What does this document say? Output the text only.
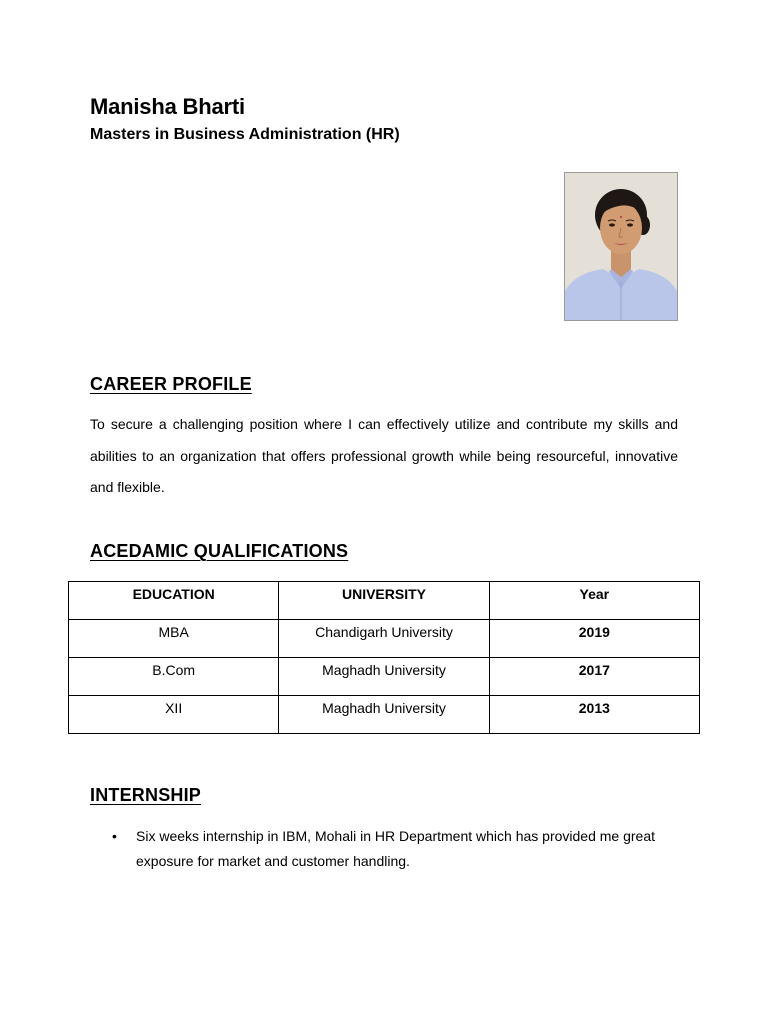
Manisha Bharti
Masters in Business Administration (HR)
CAREER PROFILE

To secure a challenging position where I can effectively utilize and contribute my skills and abilities to an organization that offers professional growth while being resourceful, innovative and flexible.

ACEDAMIC QUALIFICATIONS
EDUCATION	UNIVERSITY	Year
MBA	Chandigarh University	2019
B.Com	Maghadh University	2017
XII	Maghadh University	2013
INTERNSHIP
• Six weeks internship in IBM, Mohali in HR Department which has provided me great exposure for market and customer handling.
